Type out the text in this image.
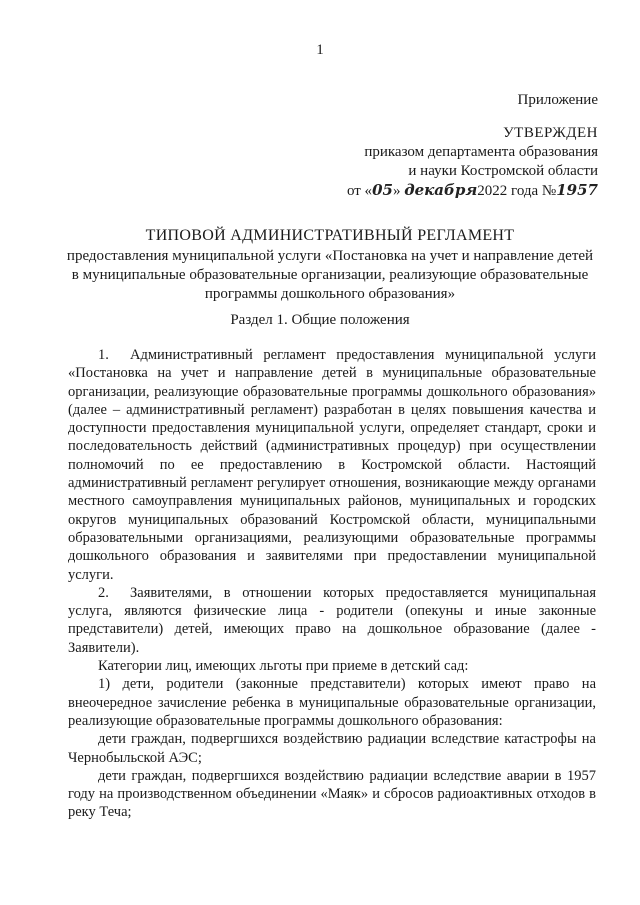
1
Приложение
УТВЕРЖДЕН
приказом департамента образования
и науки Костромской области
от «05» декабря2022 года №1957
ТИПОВОЙ АДМИНИСТРАТИВНЫЙ РЕГЛАМЕНТ
предоставления муниципальной услуги «Постановка на учет и направление детей
в муниципальные образовательные организации, реализующие образовательные
программы дошкольного образования»
Раздел 1. Общие положения

1. Административный регламент предоставления муниципальной услуги «Постановка на учет и направление детей в муниципальные образовательные организации, реализующие образовательные программы дошкольного образования» (далее – административный регламент) разработан в целях повышения качества и доступности предоставления муниципальной услуги, определяет стандарт, сроки и последовательность действий (административных процедур) при осуществлении полномочий по ее предоставлению в Костромской области. Настоящий административный регламент регулирует отношения, возникающие между органами местного самоуправления муниципальных районов, муниципальных и городских округов муниципальных образований Костромской области, муниципальными образовательными организациями, реализующими образовательные программы дошкольного образования и заявителями при предоставлении муниципальной услуги.

2. Заявителями, в отношении которых предоставляется муниципальная услуга, являются физические лица - родители (опекуны и иные законные представители) детей, имеющих право на дошкольное образование (далее - Заявители).

Категории лиц, имеющих льготы при приеме в детский сад:

1) дети, родители (законные представители) которых имеют право на внеочередное зачисление ребенка в муниципальные образовательные организации, реализующие образовательные программы дошкольного образования:

дети граждан, подвергшихся воздействию радиации вследствие катастрофы на Чернобыльской АЭС;

дети граждан, подвергшихся воздействию радиации вследствие аварии в 1957 году на производственном объединении «Маяк» и сбросов радиоактивных отходов в реку Теча;
